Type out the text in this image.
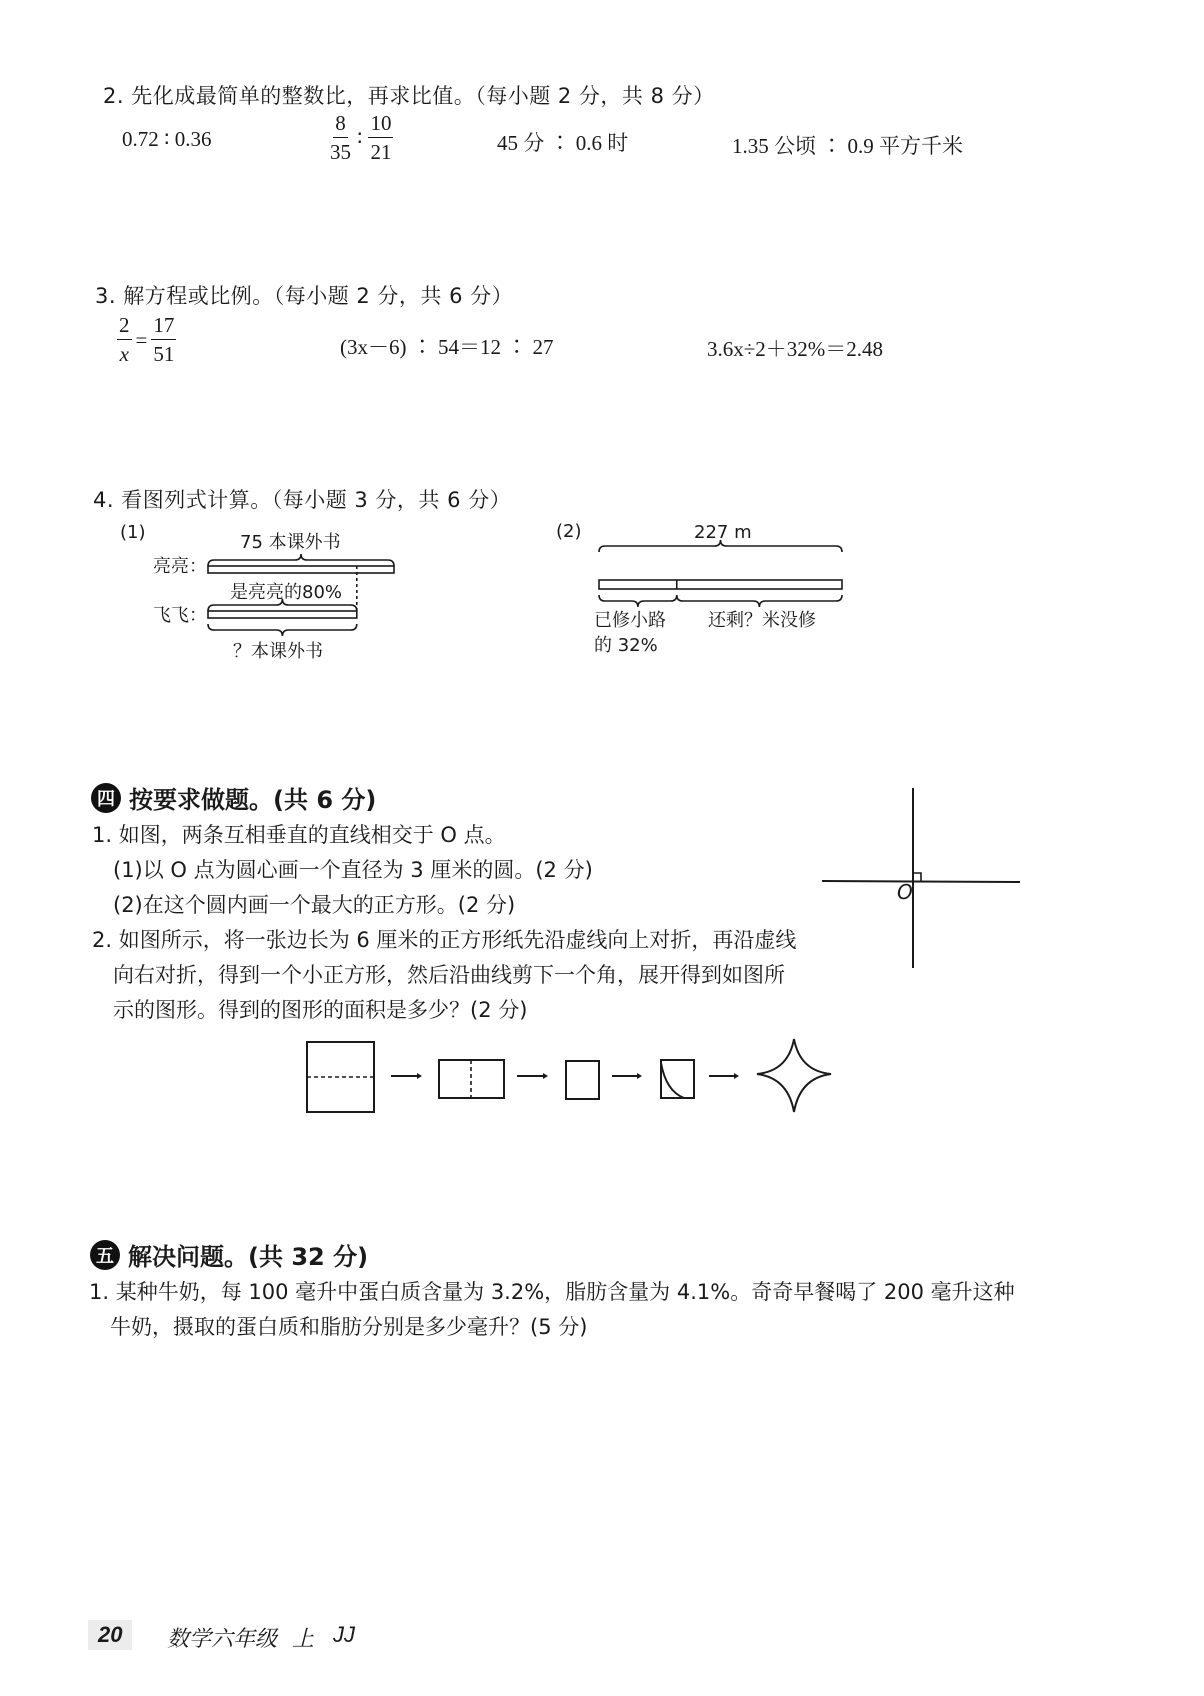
2. 先化成最简单的整数比，再求比值。（每小题 2 分，共 8 分）
0.72 ∶ 0.36	$\frac{8}{35}$ ∶ $\frac{10}{21}$	45 分 ∶ 0.6 时	1.35 公顷 ∶ 0.9 平方千米
3. 解方程或比例。（每小题 2 分，共 6 分）
$\frac{2}{x} = \frac{17}{51}$	(3x－6) ∶ 54＝12 ∶ 27	3.6x÷2＋32%＝2.48
4. 看图列式计算。（每小题 3 分，共 6 分）
(1)	75 本课外书
亮亮：
是亮亮的80%
飞飞：
？本课外书
(2)	227 m
已修小路
的 32%
还剩？米没修
四 按要求做题。(共 6 分)
1. 如图，两条互相垂直的直线相交于 O 点。
(1)以 O 点为圆心画一个直径为 3 厘米的圆。(2 分)
(2)在这个圆内画一个最大的正方形。(2 分)
2. 如图所示，将一张边长为 6 厘米的正方形纸先沿虚线向上对折，再沿虚线
向右对折，得到一个小正方形，然后沿曲线剪下一个角，展开得到如图所
示的图形。得到的图形的面积是多少？(2 分)
O
五 解决问题。(共 32 分)
1. 某种牛奶，每 100 毫升中蛋白质含量为 3.2%，脂肪含量为 4.1%。奇奇早餐喝了 200 毫升这种
牛奶，摄取的蛋白质和脂肪分别是多少毫升？(5 分)
20	数学六年级 上 JJ
